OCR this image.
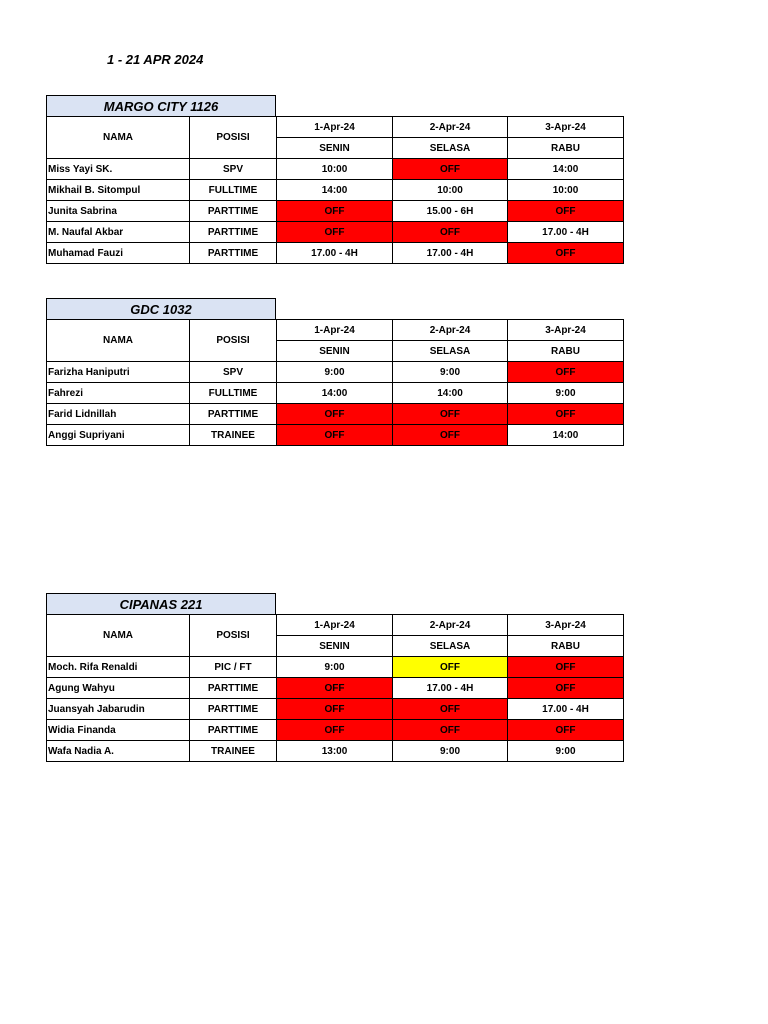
1 - 21 APR 2024
MARGO CITY 1126
NAMA	POSISI	1-Apr-24	2-Apr-24	3-Apr-24
		SENIN	SELASA	RABU
Miss Yayi SK.	SPV	10:00	OFF	14:00
Mikhail B. Sitompul	FULLTIME	14:00	10:00	10:00
Junita Sabrina	PARTTIME	OFF	15.00 - 6H	OFF
M. Naufal Akbar	PARTTIME	OFF	OFF	17.00 - 4H
Muhamad Fauzi	PARTTIME	17.00 - 4H	17.00 - 4H	OFF
GDC 1032
NAMA	POSISI	1-Apr-24	2-Apr-24	3-Apr-24
		SENIN	SELASA	RABU
Farizha Haniputri	SPV	9:00	9:00	OFF
Fahrezi	FULLTIME	14:00	14:00	9:00
Farid Lidnillah	PARTTIME	OFF	OFF	OFF
Anggi Supriyani	TRAINEE	OFF	OFF	14:00
CIPANAS 221
NAMA	POSISI	1-Apr-24	2-Apr-24	3-Apr-24
		SENIN	SELASA	RABU
Moch. Rifa Renaldi	PIC / FT	9:00	OFF	OFF
Agung Wahyu	PARTTIME	OFF	17.00 - 4H	OFF
Juansyah Jabarudin	PARTTIME	OFF	OFF	17.00 - 4H
Widia Finanda	PARTTIME	OFF	OFF	OFF
Wafa Nadia A.	TRAINEE	13:00	9:00	9:00
